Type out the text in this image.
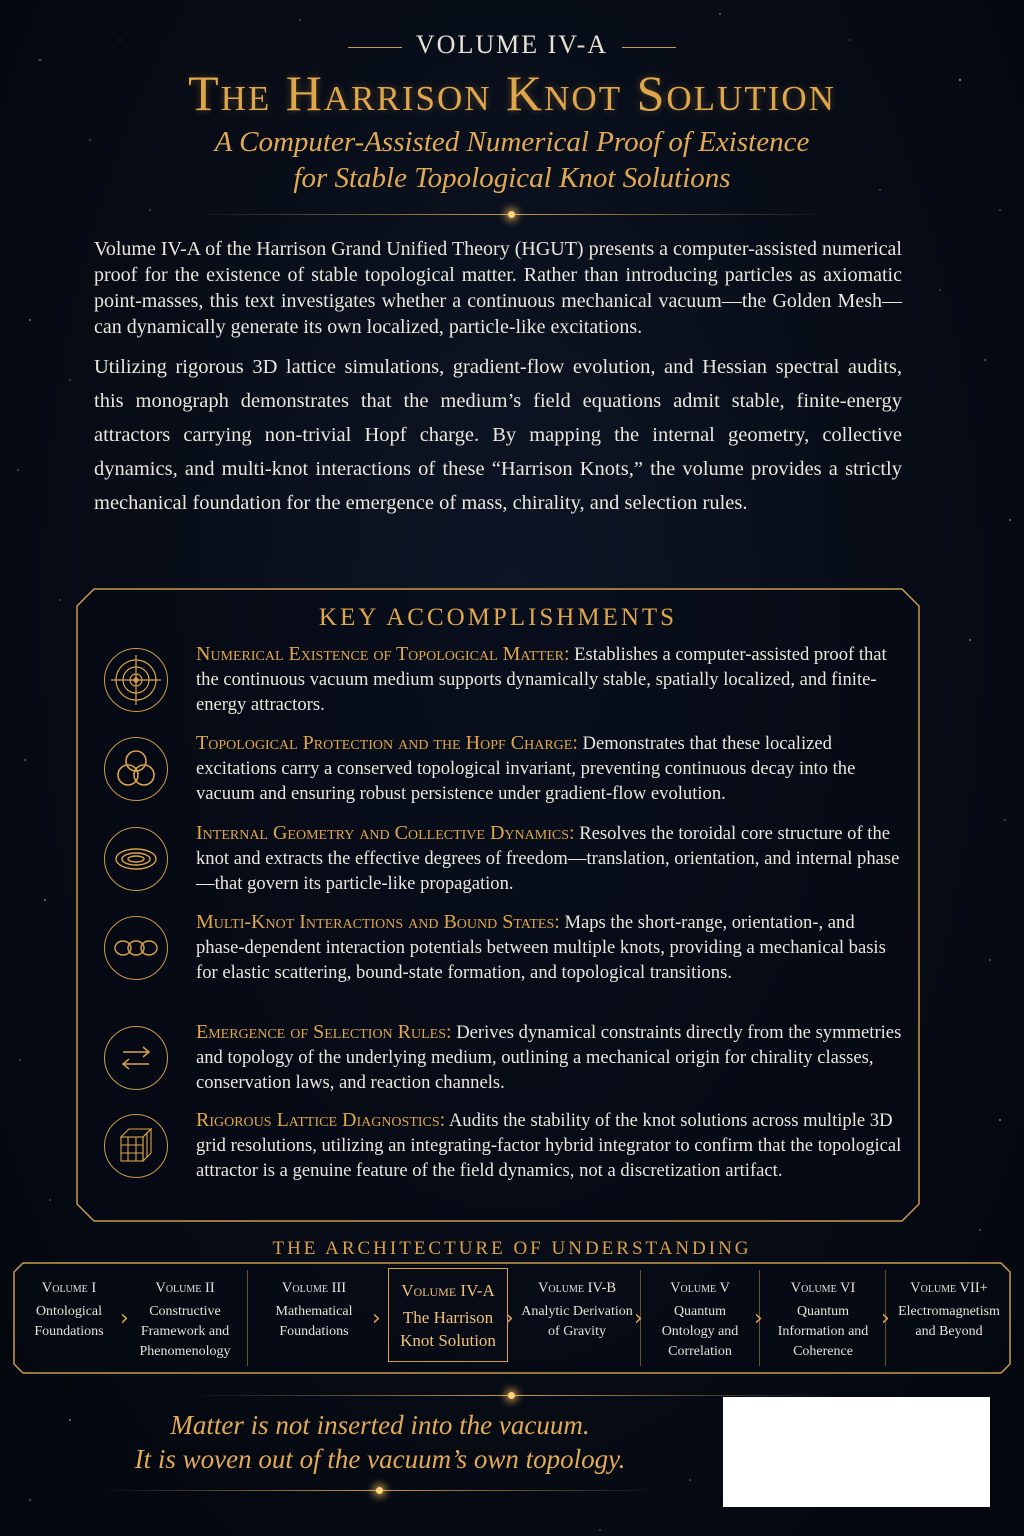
VOLUME IV-A
The Harrison Knot Solution
A Computer-Assisted Numerical Proof of Existence
for Stable Topological Knot Solutions

Volume IV-A of the Harrison Grand Unified Theory (HGUT) presents a computer-assisted numerical proof for the existence of stable topological matter. Rather than introducing particles as axiomatic point-masses, this text investigates whether a continuous mechanical vacuum—the Golden Mesh—can dynamically generate its own localized, particle-like excitations.

Utilizing rigorous 3D lattice simulations, gradient-flow evolution, and Hessian spectral audits, this monograph demonstrates that the medium’s field equations admit stable, finite-energy attractors carrying non-trivial Hopf charge. By mapping the internal geometry, collective dynamics, and multi-knot interactions of these “Harrison Knots,” the volume provides a strictly mechanical foundation for the emergence of mass, chirality, and selection rules.

KEY ACCOMPLISHMENTS
Numerical Existence of Topological Matter: Establishes a computer-assisted proof that the continuous vacuum medium supports dynamically stable, spatially localized, and finite-energy attractors.
Topological Protection and the Hopf Charge: Demonstrates that these localized excitations carry a conserved topological invariant, preventing continuous decay into the vacuum and ensuring robust persistence under gradient-flow evolution.
Internal Geometry and Collective Dynamics: Resolves the toroidal core structure of the knot and extracts the effective degrees of freedom—translation, orientation, and internal phase—that govern its particle-like propagation.
Multi-Knot Interactions and Bound States: Maps the short-range, orientation-, and phase-dependent interaction potentials between multiple knots, providing a mechanical basis for elastic scattering, bound-state formation, and topological transitions.
Emergence of Selection Rules: Derives dynamical constraints directly from the symmetries and topology of the underlying medium, outlining a mechanical origin for chirality classes, conservation laws, and reaction channels.
Rigorous Lattice Diagnostics: Audits the stability of the knot solutions across multiple 3D grid resolutions, utilizing an integrating-factor hybrid integrator to confirm that the topological attractor is a genuine feature of the field dynamics, not a discretization artifact.
THE ARCHITECTURE OF UNDERSTANDING
Volume I
Ontological Foundations
›
Volume II
Constructive Framework and Phenomenology
Volume III
Mathematical Foundations
›
Volume IV-A
The Harrison Knot Solution
›
Volume IV-B
Analytic Derivation of Gravity
›
Volume V
Quantum Ontology and Correlation
›
Volume VI
Quantum Information and Coherence
›
Volume VII+
Electromagnetism and Beyond
Matter is not inserted into the vacuum.
It is woven out of the vacuum’s own topology.
